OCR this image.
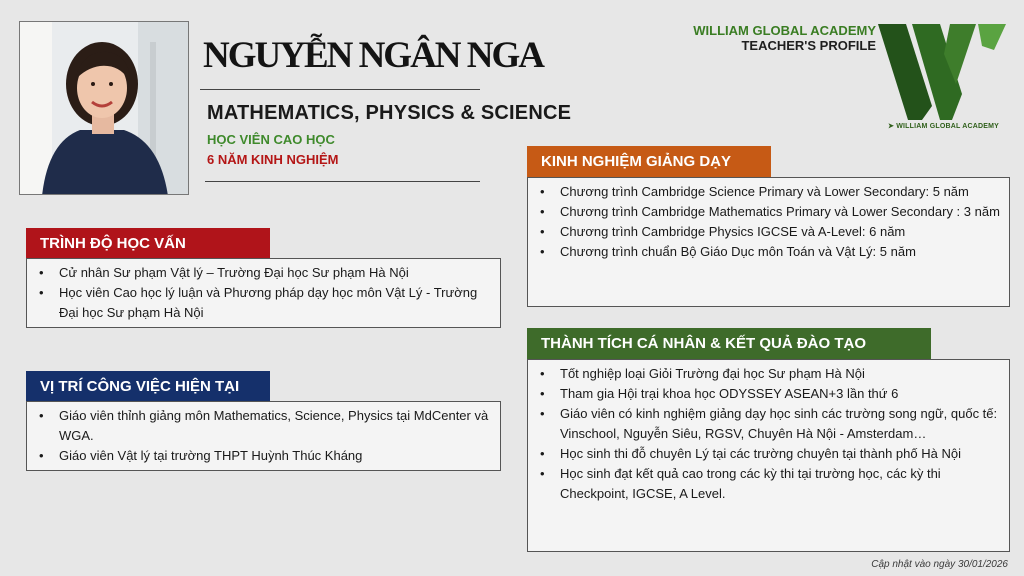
NGUYỄN NGÂN NGA
MATHEMATICS, PHYSICS & SCIENCE
HỌC VIÊN CAO HỌC
6 NĂM KINH NGHIỆM
WILLIAM GLOBAL ACADEMY
TEACHER'S PROFILE
➤ WILLIAM GLOBAL ACADEMY
TRÌNH ĐỘ HỌC VẤN
• Cử nhân Sư phạm Vật lý – Trường Đại học Sư phạm Hà Nội
• Học viên Cao học lý luận và Phương pháp dạy học môn Vật Lý - Trường Đại học Sư phạm Hà Nội
VỊ TRÍ CÔNG VIỆC HIỆN TẠI
• Giáo viên thỉnh giảng môn Mathematics, Science, Physics tại MdCenter và WGA.
• Giáo viên Vật lý tại trường THPT Huỳnh Thúc Kháng
KINH NGHIỆM GIẢNG DẠY
• Chương trình Cambridge Science Primary và Lower Secondary: 5 năm
• Chương trình Cambridge Mathematics Primary và Lower Secondary : 3 năm
• Chương trình Cambridge Physics IGCSE và A-Level: 6 năm
• Chương trình chuẩn Bộ Giáo Dục môn Toán và Vật Lý: 5 năm
THÀNH TÍCH CÁ NHÂN & KẾT QUẢ ĐÀO TẠO
• Tốt nghiệp loại Giỏi Trường đại học Sư phạm Hà Nội
• Tham gia Hội trại khoa học ODYSSEY ASEAN+3 lần thứ 6
• Giáo viên có kinh nghiệm giảng dạy học sinh các trường song ngữ, quốc tế: Vinschool, Nguyễn Siêu, RGSV, Chuyên Hà Nội - Amsterdam…
• Học sinh thi đỗ chuyên Lý tại các trường chuyên tại thành phố Hà Nội
• Học sinh đạt kết quả cao trong các kỳ thi tại trường học, các kỳ thi Checkpoint, IGCSE, A Level.
Cập nhật vào ngày 30/01/2026
